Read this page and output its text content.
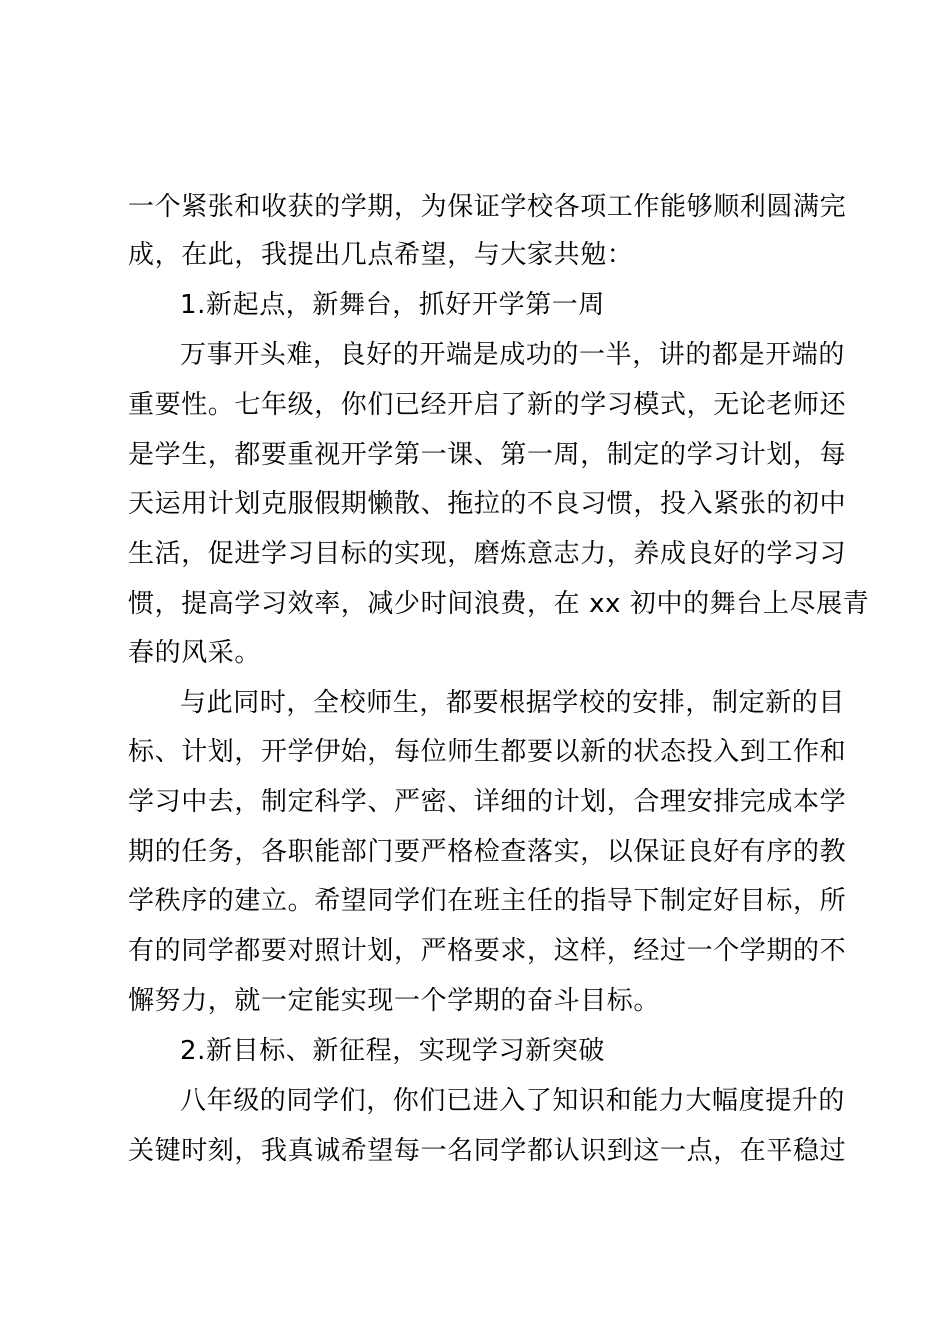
一个紧张和收获的学期，为保证学校各项工作能够顺利圆满完
成，在此，我提出几点希望，与大家共勉：
1.新起点，新舞台，抓好开学第一周
万事开头难，良好的开端是成功的一半，讲的都是开端的
重要性。七年级，你们已经开启了新的学习模式，无论老师还
是学生，都要重视开学第一课、第一周，制定的学习计划，每
天运用计划克服假期懒散、拖拉的不良习惯，投入紧张的初中
生活，促进学习目标的实现，磨炼意志力，养成良好的学习习
惯，提高学习效率，减少时间浪费，在 xx 初中的舞台上尽展青
春的风采。
与此同时，全校师生，都要根据学校的安排，制定新的目
标、计划，开学伊始，每位师生都要以新的状态投入到工作和
学习中去，制定科学、严密、详细的计划，合理安排完成本学
期的任务，各职能部门要严格检查落实，以保证良好有序的教
学秩序的建立。希望同学们在班主任的指导下制定好目标，所
有的同学都要对照计划，严格要求，这样，经过一个学期的不
懈努力，就一定能实现一个学期的奋斗目标。
2.新目标、新征程，实现学习新突破
八年级的同学们，你们已进入了知识和能力大幅度提升的
关键时刻，我真诚希望每一名同学都认识到这一点，在平稳过
